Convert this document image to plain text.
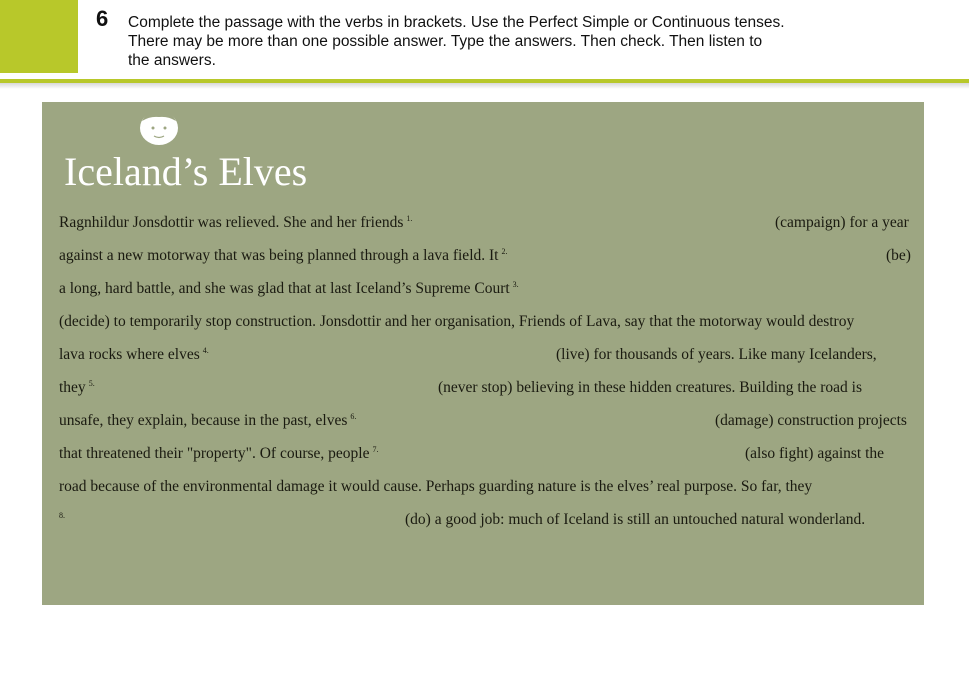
6 Complete the passage with the verbs in brackets. Use the Perfect Simple or Continuous tenses.
There may be more than one possible answer. Type the answers. Then check. Then listen to
the answers.
Iceland’s Elves
Ragnhildur Jonsdottir was relieved. She and her friends $^{1.}$	(campaign) for a year
against a new motorway that was being planned through a lava field. It $^{2.}$	(be)
a long, hard battle, and she was glad that at last Iceland’s Supreme Court $^{3.}$
(decide) to temporarily stop construction. Jonsdottir and her organisation, Friends of Lava, say that the motorway would destroy
lava rocks where elves $^{4.}$	(live) for thousands of years. Like many Icelanders,
they $^{5.}$	(never stop) believing in these hidden creatures. Building the road is
unsafe, they explain, because in the past, elves $^{6.}$	(damage) construction projects
that threatened their "property". Of course, people $^{7.}$	(also fight) against the
road because of the environmental damage it would cause. Perhaps guarding nature is the elves’ real purpose. So far, they
$^{8.}$	(do) a good job: much of Iceland is still an untouched natural wonderland.
